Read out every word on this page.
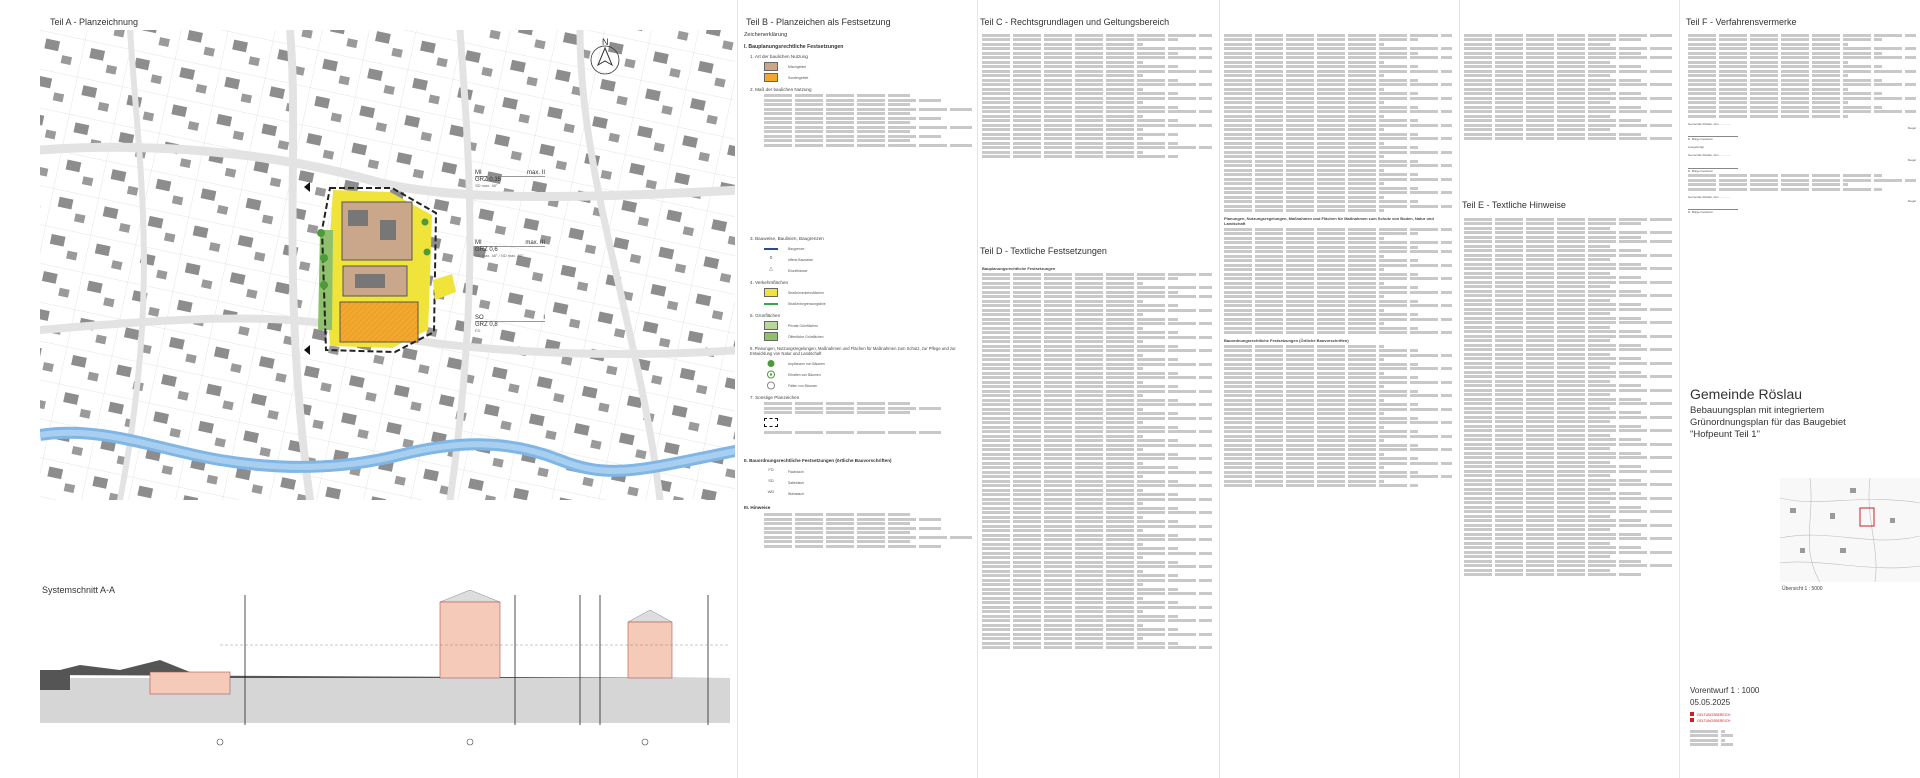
Teil A - Planzeichnung
N
MI	max. II
GRZ 0,35
SD max. 48°
MI	max. III
GRZ 0,6
SD max. 48° / ND max. 30°
SO	I
GRZ 0,8
FD
Systemschnitt A-A
Teil B - Planzeichen als Festsetzung
Zeichenerklärung
I. Bauplanungsrechtliche Festsetzungen
1. Art der baulichen Nutzung
Mischgebiet
Sondergebiet
2. Maß der baulichen Nutzung
3. Bauweise, Baulinien, Baugrenzen
Baugrenze
o	offene Bauweise
△	Einzelhäuser
4. Verkehrsflächen
Straßenverkehrsflächen
Straßenbegrenzungslinie
5. Grünflächen
Private Grünflächen
Öffentliche Grünflächen
6. Planungen, Nutzungsregelungen, Maßnahmen und Flächen für Maßnahmen zum Schutz, zur Pflege und zur Entwicklung von Natur und Landschaft
Anpflanzen von Bäumen
Erhalten von Bäumen
Fällen von Bäumen
7. Sonstige Planzeichen
II. Bauordnungsrechtliche Festsetzungen (örtliche Bauvorschriften)
FD	Flachdach
SD	Satteldach
WD	Walmdach
III. Hinweise
Teil C - Rechtsgrundlagen und Geltungsbereich
Teil D - Textliche Festsetzungen
Bauplanungsrechtliche Festsetzungen
Planungen, Nutzungsregelungen, Maßnahmen und Flächen für Maßnahmen zum Schutz von Boden, Natur und Landschaft
Bauordnungsrechtliche Festsetzungen (Örtliche Bauvorschriften)
Teil E - Textliche Hinweise
Teil F - Verfahrensvermerke
Gemeinde Röslau, den .............
Siegel
D. Bürgermeisterin
Ausgefertigt
Gemeinde Röslau, den .............
Siegel
D. Bürgermeisterin
Gemeinde Röslau, den .............
Siegel
D. Bürgermeisterin
Gemeinde Röslau
Bebauungsplan mit integriertem Grünordnungsplan für das Baugebiet "Hofpeunt Teil 1"
Übersicht 1 : 5000
Vorentwurf 1 : 1000
05.05.2025
GELTUNGSBEREICH
GELTUNGSBEREICH
